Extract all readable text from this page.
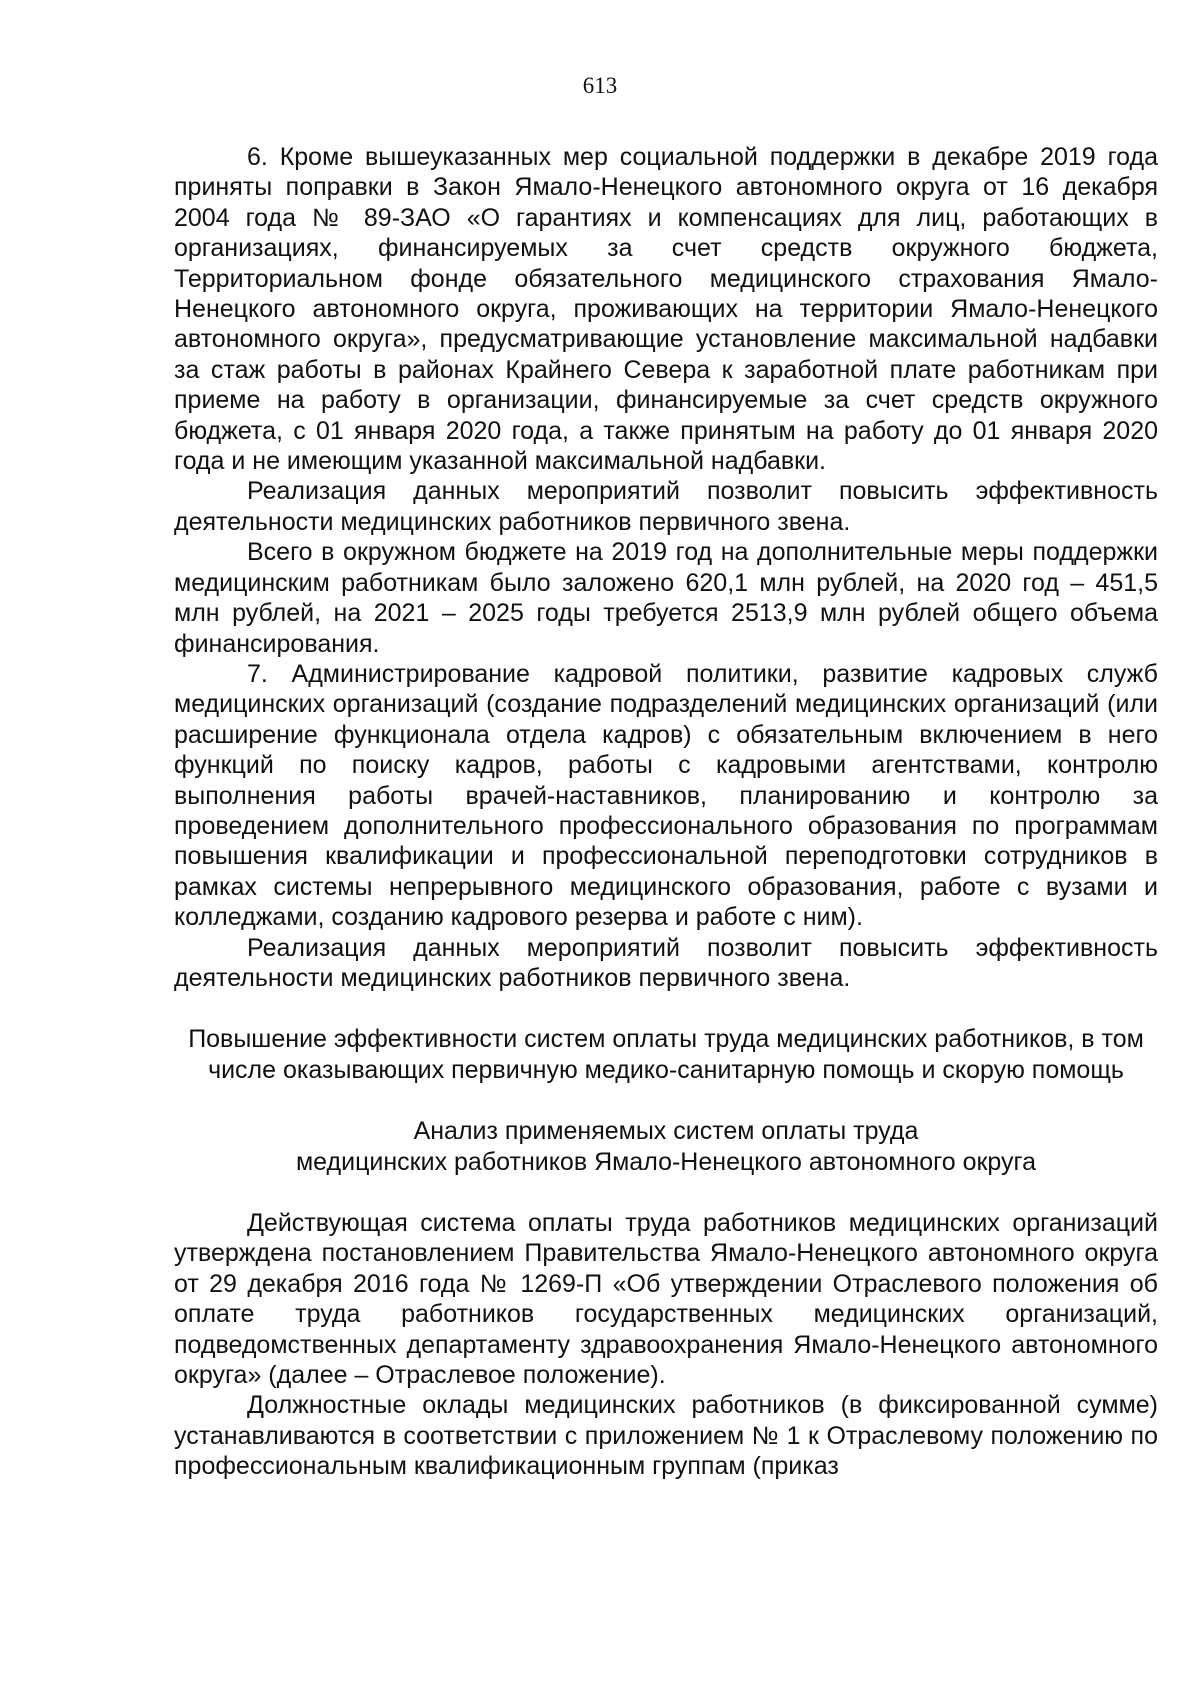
613

6. Кроме вышеуказанных мер социальной поддержки в декабре 2019 года приняты поправки в Закон Ямало-Ненецкого автономного округа от 16 декабря 2004 года № 89-ЗАО «О гарантиях и компенсациях для лиц, работающих в организациях, финансируемых за счет средств окружного бюджета, Территориальном фонде обязательного медицинского страхования Ямало-Ненецкого автономного округа, проживающих на территории Ямало-Ненецкого автономного округа», предусматривающие установление максимальной надбавки за стаж работы в районах Крайнего Севера к заработной плате работникам при приеме на работу в организации, финансируемые за счет средств окружного бюджета, с 01 января 2020 года, а также принятым на работу до 01 января 2020 года и не имеющим указанной максимальной надбавки.

Реализация данных мероприятий позволит повысить эффективность деятельности медицинских работников первичного звена.

Всего в окружном бюджете на 2019 год на дополнительные меры поддержки медицинским работникам было заложено 620,1 млн рублей, на 2020 год – 451,5 млн рублей, на 2021 – 2025 годы требуется 2513,9 млн рублей общего объема финансирования.

7. Администрирование кадровой политики, развитие кадровых служб медицинских организаций (создание подразделений медицинских организаций (или расширение функционала отдела кадров) с обязательным включением в него функций по поиску кадров, работы с кадровыми агентствами, контролю выполнения работы врачей-наставников, планированию и контролю за проведением дополнительного профессионального образования по программам повышения квалификации и профессиональной переподготовки сотрудников в рамках системы непрерывного медицинского образования, работе с вузами и колледжами, созданию кадрового резерва и работе с ним).

Реализация данных мероприятий позволит повысить эффективность деятельности медицинских работников первичного звена.

Повышение эффективности систем оплаты труда медицинских работников, в том числе оказывающих первичную медико-санитарную помощь и скорую помощь

Анализ применяемых систем оплаты труда

медицинских работников Ямало-Ненецкого автономного округа

Действующая система оплаты труда работников медицинских организаций утверждена постановлением Правительства Ямало-Ненецкого автономного округа от 29 декабря 2016 года № 1269-П «Об утверждении Отраслевого положения об оплате труда работников государственных медицинских организаций, подведомственных департаменту здравоохранения Ямало-Ненецкого автономного округа» (далее – Отраслевое положение).

Должностные оклады медицинских работников (в фиксированной сумме) устанавливаются в соответствии с приложением № 1 к Отраслевому положению по профессиональным квалификационным группам (приказ
